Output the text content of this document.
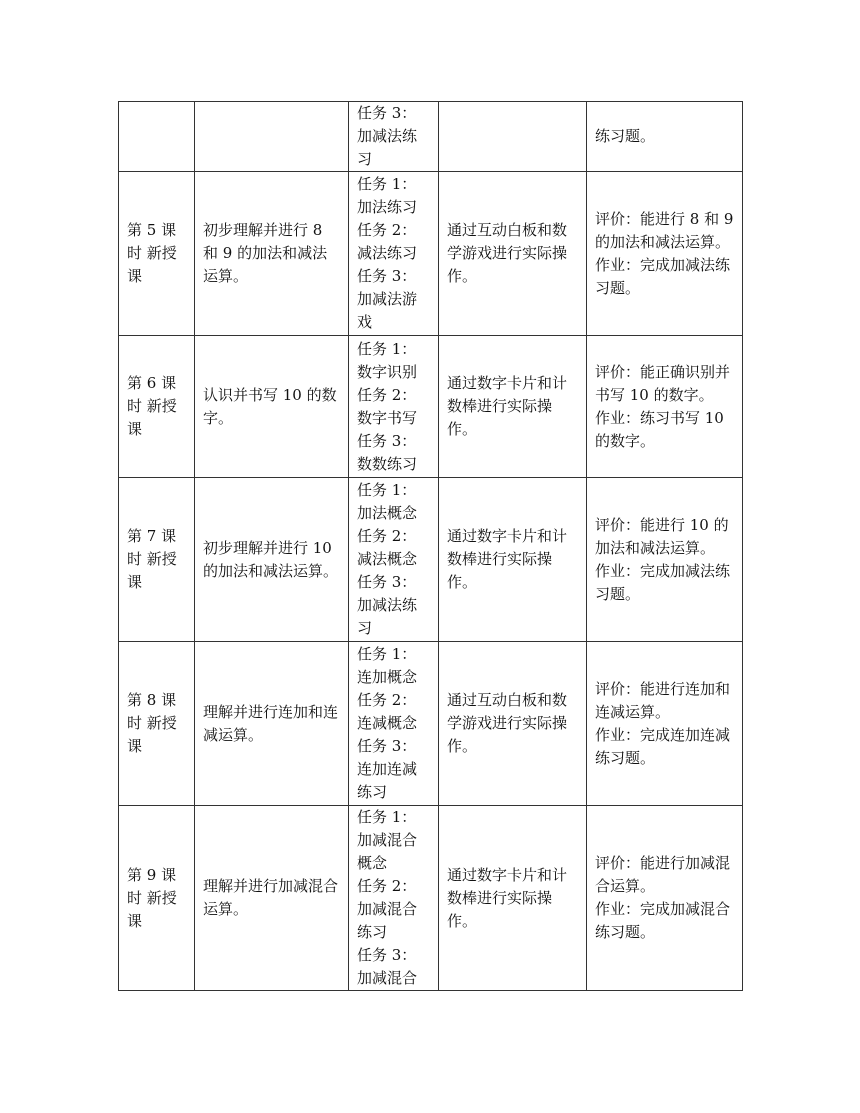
		任务 3：加减法练习		练习题。

第 5 课时 新授课	初步理解并进行 8 和 9 的加法和减法运算。	任务 1：加法练习
任务 2：减法练习
任务 3：加减法游戏	通过互动白板和数学游戏进行实际操作。	评价：能进行 8 和 9 的加法和减法运算。
作业：完成加减法练习题。

第 6 课时 新授课	认识并书写 10 的数字。	任务 1：数字识别
任务 2：数字书写
任务 3：数数练习	通过数字卡片和计数棒进行实际操作。	评价：能正确识别并书写 10 的数字。
作业：练习书写 10 的数字。

第 7 课时 新授课	初步理解并进行 10 的加法和减法运算。	任务 1：加法概念
任务 2：减法概念
任务 3：加减法练习	通过数字卡片和计数棒进行实际操作。	评价：能进行 10 的加法和减法运算。
作业：完成加减法练习题。

第 8 课时 新授课	理解并进行连加和连减运算。	任务 1：连加概念
任务 2：连减概念
任务 3：连加连减练习	通过互动白板和数学游戏进行实际操作。	评价：能进行连加和连减运算。
作业：完成连加连减练习题。

第 9 课时 新授课	理解并进行加减混合运算。	任务 1：加减混合概念
任务 2：加减混合练习
任务 3：加减混合	通过数字卡片和计数棒进行实际操作。	评价：能进行加减混合运算。
作业：完成加减混合练习题。
